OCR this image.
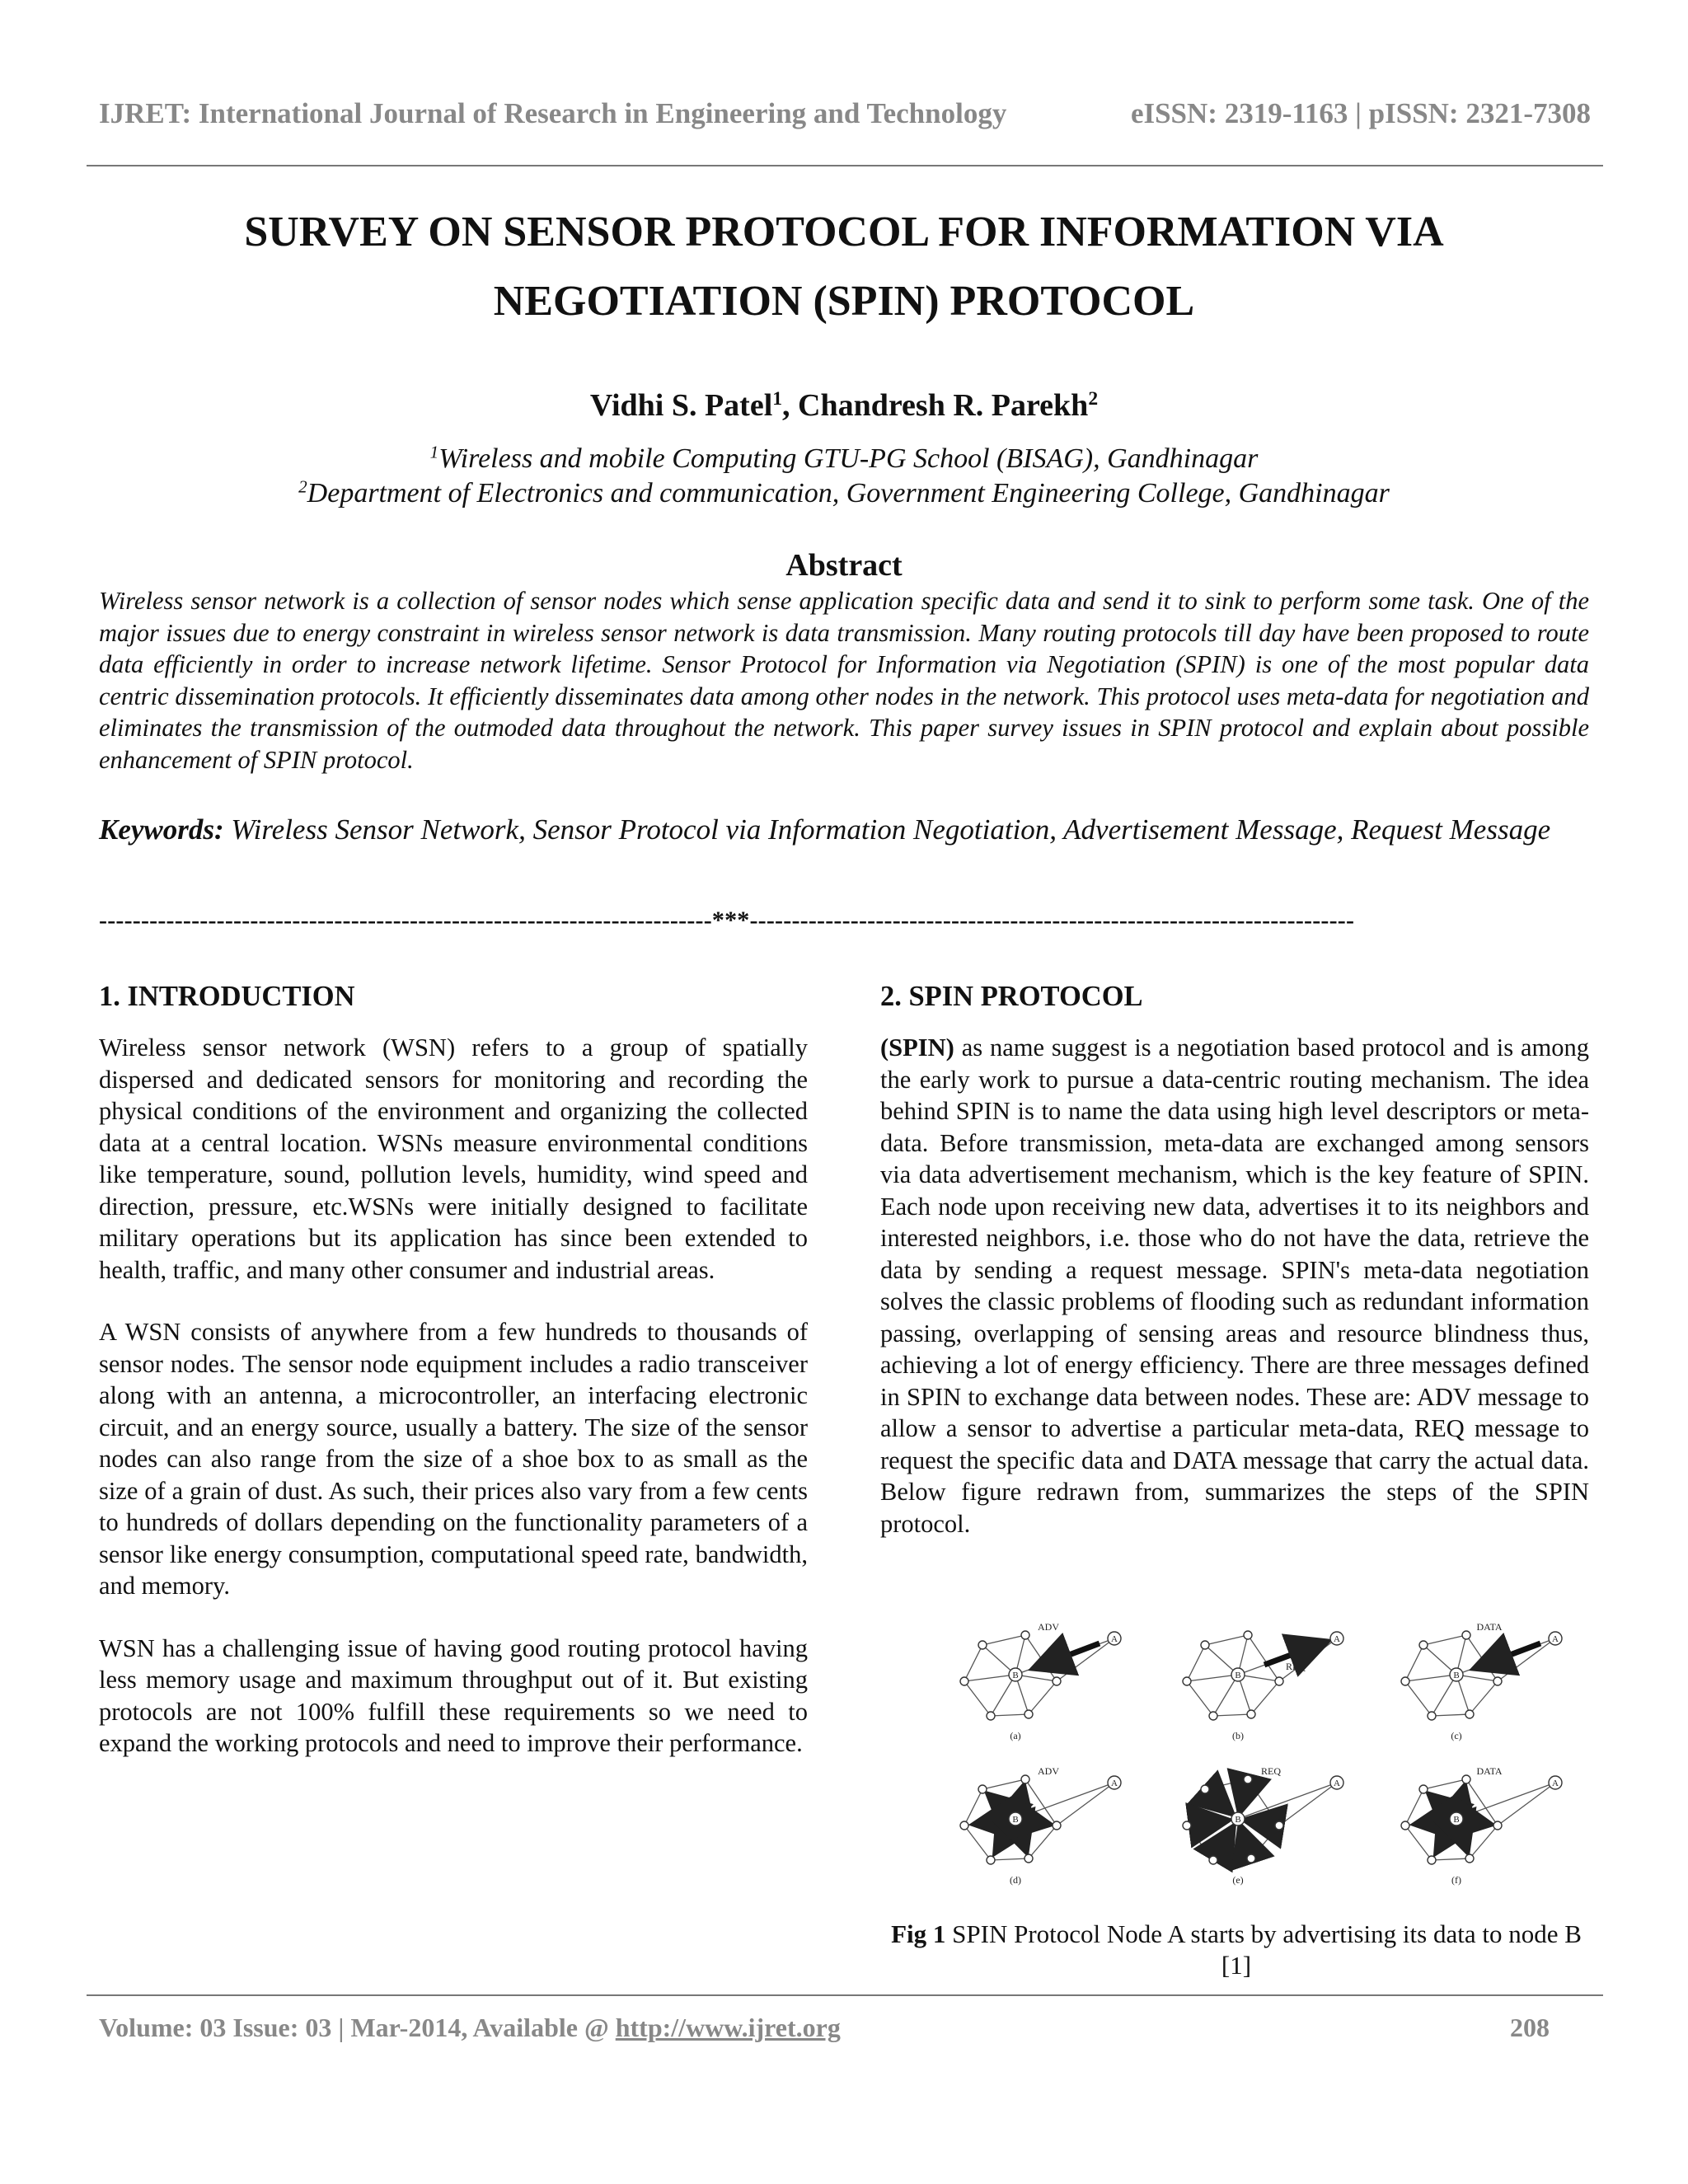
IJRET: International Journal of Research in Engineering and Technology	eISSN: 2319-1163 | pISSN: 2321-7308
SURVEY ON SENSOR PROTOCOL FOR INFORMATION VIA
NEGOTIATION (SPIN) PROTOCOL
Vidhi S. Patel$^1$, Chandresh R. Parekh$^2$
$^1$Wireless and mobile Computing GTU-PG School (BISAG), Gandhinagar
$^2$Department of Electronics and communication, Government Engineering College, Gandhinagar
Abstract
Wireless sensor network is a collection of sensor nodes which sense application specific data and send it to sink to perform some task. One of the major issues due to energy constraint in wireless sensor network is data transmission. Many routing protocols till day have been proposed to route data efficiently in order to increase network lifetime. Sensor Protocol for Information via Negotiation (SPIN) is one of the most popular data centric dissemination protocols. It efficiently disseminates data among other nodes in the network. This protocol uses meta-data for negotiation and eliminates the transmission of the outmoded data throughout the network. This paper survey issues in SPIN protocol and explain about possible enhancement of SPIN protocol.
Keywords: Wireless Sensor Network, Sensor Protocol via Information Negotiation, Advertisement Message, Request Message
-------------------------------------------------------------------------***------------------------------------------------------------------------
1. INTRODUCTION

Wireless sensor network (WSN) refers to a group of spatially dispersed and dedicated sensors for monitoring and recording the physical conditions of the environment and organizing the collected data at a central location. WSNs measure environmental conditions like temperature, sound, pollution levels, humidity, wind speed and direction, pressure, etc.WSNs were initially designed to facilitate military operations but its application has since been extended to health, traffic, and many other consumer and industrial areas.

A WSN consists of anywhere from a few hundreds to thousands of sensor nodes. The sensor node equipment includes a radio transceiver along with an antenna, a microcontroller, an interfacing electronic circuit, and an energy source, usually a battery. The size of the sensor nodes can also range from the size of a shoe box to as small as the size of a grain of dust. As such, their prices also vary from a few cents to hundreds of dollars depending on the functionality parameters of a sensor like energy consumption, computational speed rate, bandwidth, and memory.

WSN has a challenging issue of having good routing protocol having less memory usage and maximum throughput out of it. But existing protocols are not 100% fulfill these requirements so we need to expand the working protocols and need to improve their performance.

2. SPIN PROTOCOL

(SPIN) as name suggest is a negotiation based protocol and is among the early work to pursue a data-centric routing mechanism. The idea behind SPIN is to name the data using high level descriptors or meta-data. Before transmission, meta-data are exchanged among sensors via data advertisement mechanism, which is the key feature of SPIN. Each node upon receiving new data, advertises it to its neighbors and interested neighbors, i.e. those who do not have the data, retrieve the data by sending a request message. SPIN's meta-data negotiation solves the classic problems of flooding such as redundant information passing, overlapping of sensing areas and resource blindness thus, achieving a lot of energy efficiency. There are three messages defined in SPIN to exchange data between nodes. These are: ADV message to allow a sensor to advertise a particular meta-data, REQ message to request the specific data and DATA message that carry the actual data. Below figure redrawn from, summarizes the steps of the SPIN protocol.

A
B
ADV
(a)
A
B
REQ
(b)
A
B
DATA
(c)
A
B
ADV
(d)
A
B
REQ
(e)
A
B
DATA
(f)
Fig 1 SPIN Protocol Node A starts by advertising its data to node B [1]
Volume: 03 Issue: 03 | Mar-2014, Available @ http://www.ijret.org	208
